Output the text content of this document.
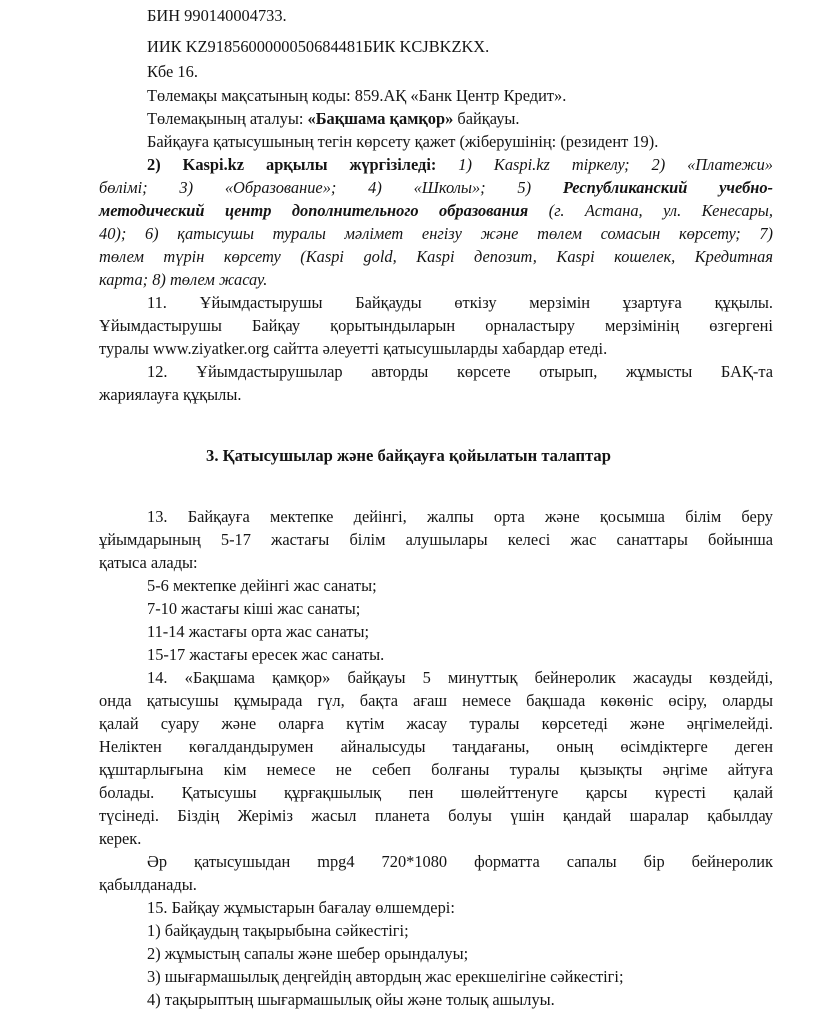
БИН 990140004733.
ИИК KZ9185600000050684481БИК KCJBKZKX.
Кбе 16.
Төлемақы мақсатының коды: 859.АҚ «Банк Центр Кредит».
Төлемақының аталуы: «Бақшама қамқор» байқауы.
Байқауға қатысушының тегін көрсету қажет (жіберушінің: (резидент 19).
2) Kaspi.kz арқылы жүргізіледі: 1) Kaspi.kz тіркелу; 2) «Платежи»
бөлімі; 3) «Образование»; 4) «Школы»; 5) Республиканский учебно-
методический центр дополнительного образования (г. Астана, ул. Кенесары,
40); 6) қатысушы туралы мәлімет енгізу және төлем сомасын көрсету; 7)
төлем түрін көрсету (Kaspi gold, Kaspi депозит, Kaspi кошелек, Кредитная
карта; 8) төлем жасау.
11. Ұйымдастырушы Байқауды өткізу мерзімін ұзартуға құқылы.
Ұйымдастырушы Байқау қорытындыларын орналастыру мерзімінің өзгергені
туралы www.ziyatker.org сайтта әлеуетті қатысушыларды хабардар етеді.
12. Ұйымдастырушылар авторды көрсете отырып, жұмысты БАҚ-та
жариялауға құқылы.
3. Қатысушылар және байқауға қойылатын талаптар
13. Байқауға мектепке дейінгі, жалпы орта және қосымша білім беру
ұйымдарының 5-17 жастағы білім алушылары келесі жас санаттары бойынша
қатыса алады:
5-6 мектепке дейінгі жас санаты;
7-10 жастағы кіші жас санаты;
11-14 жастағы орта жас санаты;
15-17 жастағы ересек жас санаты.
14. «Бақшама қамқор» байқауы 5 минуттық бейнеролик жасауды көздейді,
онда қатысушы құмырада гүл, бақта ағаш немесе бақшада көкөніс өсіру, оларды
қалай суару және оларға күтім жасау туралы көрсетеді және әңгімелейді.
Неліктен көгалдандырумен айналысуды таңдағаны, оның өсімдіктерге деген
құштарлығына кім немесе не себеп болғаны туралы қызықты әңгіме айтуға
болады. Қатысушы құрғақшылық пен шөлейттенуге қарсы күресті қалай
түсінеді. Біздің Жеріміз жасыл планета болуы үшін қандай шаралар қабылдау
керек.
Әр қатысушыдан mpg4 720*1080 форматта сапалы бір бейнеролик
қабылданады.
15. Байқау жұмыстарын бағалау өлшемдері:
1) байқаудың тақырыбына сәйкестігі;
2) жұмыстың сапалы және шебер орындалуы;
3) шығармашылық деңгейдің автордың жас ерекшелігіне сәйкестігі;
4) тақырыптың шығармашылық ойы және толық ашылуы.
